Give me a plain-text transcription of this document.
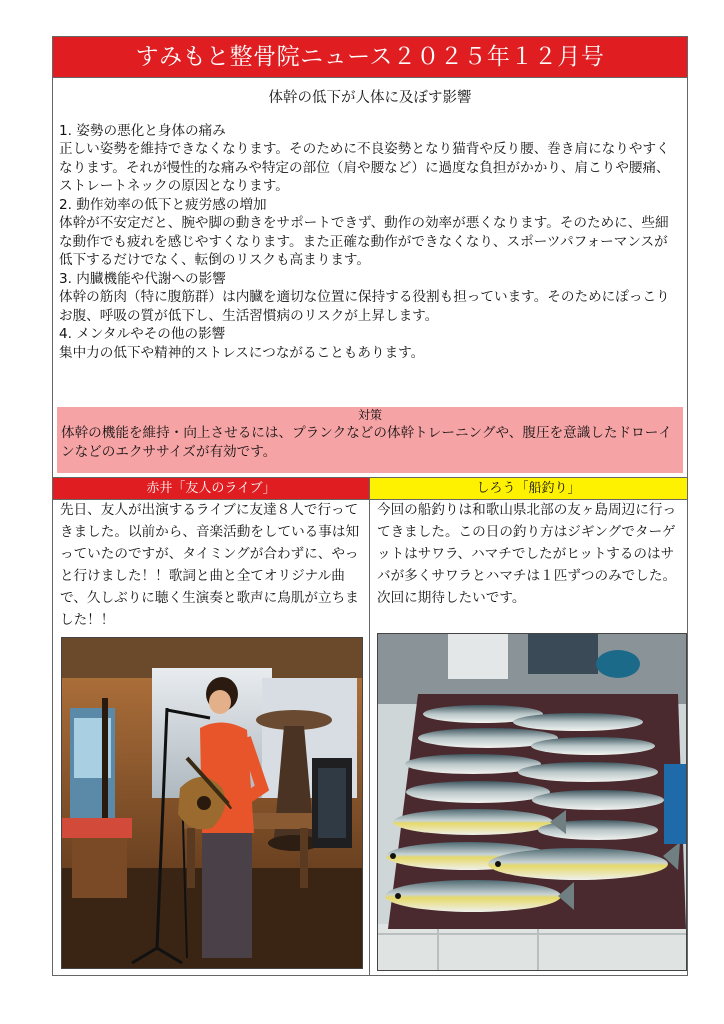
すみもと整骨院ニュース２０２５年１２月号
体幹の低下が人体に及ぼす影響

1. 姿勢の悪化と身体の痛み

正しい姿勢を維持できなくなります。そのために不良姿勢となり猫背や反り腰、巻き肩になりやすくなります。それが慢性的な痛みや特定の部位（肩や腰など）に過度な負担がかかり、肩こりや腰痛、ストレートネックの原因となります。

2. 動作効率の低下と疲労感の増加

体幹が不安定だと、腕や脚の動きをサポートできず、動作の効率が悪くなります。そのために、些細な動作でも疲れを感じやすくなります。また正確な動作ができなくなり、スポーツパフォーマンスが低下するだけでなく、転倒のリスクも高まります。

3. 内臓機能や代謝への影響

体幹の筋肉（特に腹筋群）は内臓を適切な位置に保持する役割も担っています。そのためにぽっこりお腹、呼吸の質が低下し、生活習慣病のリスクが上昇します。

4. メンタルやその他の影響

集中力の低下や精神的ストレスにつながることもあります。

対策
体幹の機能を維持・向上させるには、プランクなどの体幹トレーニングや、腹圧を意識したドローインなどのエクササイズが有効です。
赤井「友人のライブ」	しろう「船釣り」
先日、友人が出演するライブに友達８人で行ってきました。以前から、音楽活動をしている事は知っていたのですが、タイミングが合わずに、やっと行けました！！歌詞と曲と全てオリジナル曲で、久しぶりに聴く生演奏と歌声に鳥肌が立ちました！！
今回の船釣りは和歌山県北部の友ヶ島周辺に行ってきました。この日の釣り方はジギングでターゲットはサワラ、ハマチでしたがヒットするのはサバが多くサワラとハマチは１匹ずつのみでした。次回に期待したいです。
